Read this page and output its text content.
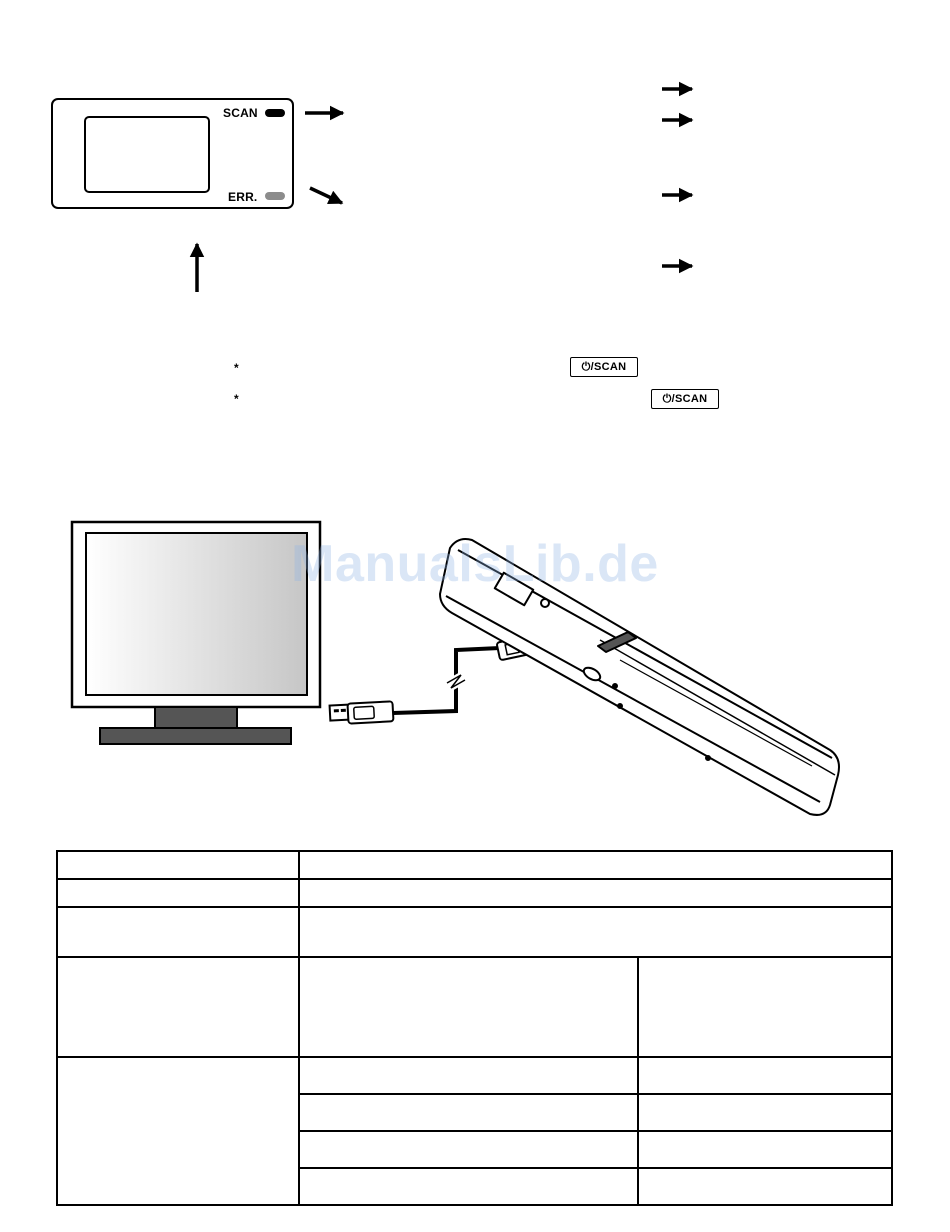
SCAN
ERR.
*	⏻/SCAN
*	⏻/SCAN
ManualsLib.de
